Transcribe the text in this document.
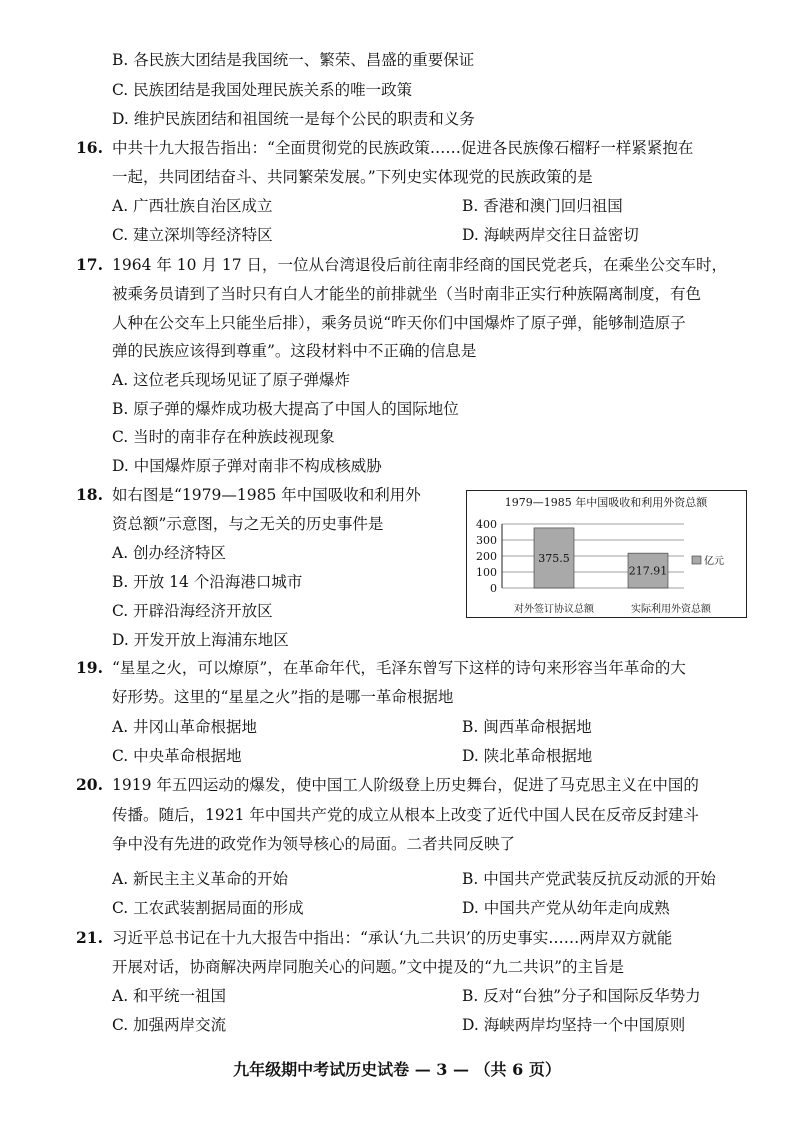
B. 各民族大团结是我国统一、繁荣、昌盛的重要保证
C. 民族团结是我国处理民族关系的唯一政策
D. 维护民族团结和祖国统一是每个公民的职责和义务
16. 中共十九大报告指出：“全面贯彻党的民族政策……促进各民族像石榴籽一样紧紧抱在
一起，共同团结奋斗、共同繁荣发展。”下列史实体现党的民族政策的是
A. 广西壮族自治区成立	B. 香港和澳门回归祖国
C. 建立深圳等经济特区	D. 海峡两岸交往日益密切
17. 1964 年 10 月 17 日，一位从台湾退役后前往南非经商的国民党老兵，在乘坐公交车时，
被乘务员请到了当时只有白人才能坐的前排就坐（当时南非正实行种族隔离制度，有色
人种在公交车上只能坐后排），乘务员说“昨天你们中国爆炸了原子弹，能够制造原子
弹的民族应该得到尊重”。这段材料中不正确的信息是
A. 这位老兵现场见证了原子弹爆炸
B. 原子弹的爆炸成功极大提高了中国人的国际地位
C. 当时的南非存在种族歧视现象
D. 中国爆炸原子弹对南非不构成核威胁
18. 如右图是“1979—1985 年中国吸收和利用外
资总额”示意图，与之无关的历史事件是
A. 创办经济特区
B. 开放 14 个沿海港口城市
C. 开辟沿海经济开放区
D. 开发开放上海浦东地区
1979—1985 年中国吸收和利用外资总额
375.5
217.91
400
300
200
100
0
亿元
对外签订协议总额	实际利用外资总额
19. “星星之火，可以燎原”，在革命年代，毛泽东曾写下这样的诗句来形容当年革命的大
好形势。这里的“星星之火”指的是哪一革命根据地
A. 井冈山革命根据地	B. 闽西革命根据地
C. 中央革命根据地	D. 陕北革命根据地
20. 1919 年五四运动的爆发，使中国工人阶级登上历史舞台，促进了马克思主义在中国的
传播。随后，1921 年中国共产党的成立从根本上改变了近代中国人民在反帝反封建斗
争中没有先进的政党作为领导核心的局面。二者共同反映了
A. 新民主主义革命的开始	B. 中国共产党武装反抗反动派的开始
C. 工农武装割据局面的形成	D. 中国共产党从幼年走向成熟
21. 习近平总书记在十九大报告中指出：“承认‘九二共识’的历史事实……两岸双方就能
开展对话，协商解决两岸同胞关心的问题。”文中提及的“九二共识”的主旨是
A. 和平统一祖国	B. 反对“台独”分子和国际反华势力
C. 加强两岸交流	D. 海峡两岸均坚持一个中国原则
九年级期中考试历史试卷 — 3 — （共 6 页）
